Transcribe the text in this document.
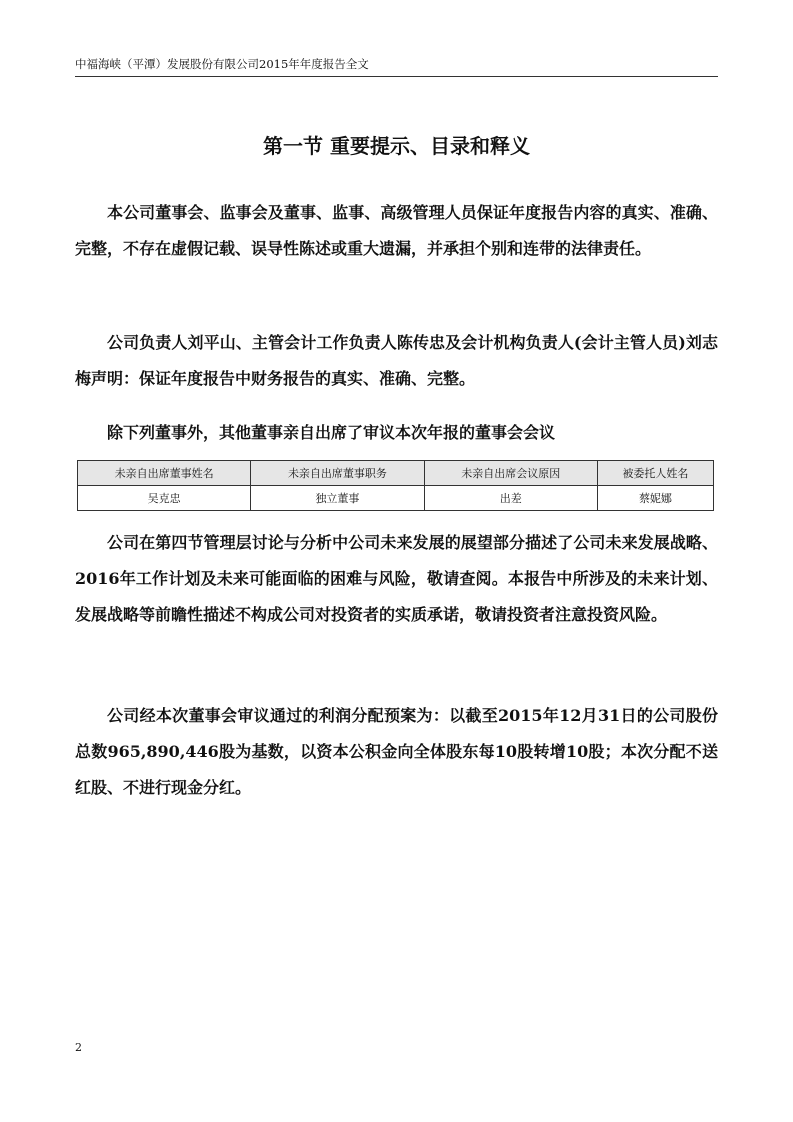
中福海峡（平潭）发展股份有限公司2015年年度报告全文
第一节 重要提示、目录和释义

本公司董事会、监事会及董事、监事、高级管理人员保证年度报告内容的真实、准确、完整，不存在虚假记载、误导性陈述或重大遗漏，并承担个别和连带的法律责任。

公司负责人刘平山、主管会计工作负责人陈传忠及会计机构负责人(会计主管人员)刘志梅声明：保证年度报告中财务报告的真实、准确、完整。

除下列董事外，其他董事亲自出席了审议本次年报的董事会会议

未亲自出席董事姓名	未亲自出席董事职务	未亲自出席会议原因	被委托人姓名
吴克忠	独立董事	出差	蔡妮娜

公司在第四节管理层讨论与分析中公司未来发展的展望部分描述了公司未来发展战略、2016年工作计划及未来可能面临的困难与风险，敬请查阅。本报告中所涉及的未来计划、发展战略等前瞻性描述不构成公司对投资者的实质承诺，敬请投资者注意投资风险。

公司经本次董事会审议通过的利润分配预案为：以截至2015年12月31日的公司股份总数965,890,446股为基数，以资本公积金向全体股东每10股转增10股；本次分配不送红股、不进行现金分红。

2
